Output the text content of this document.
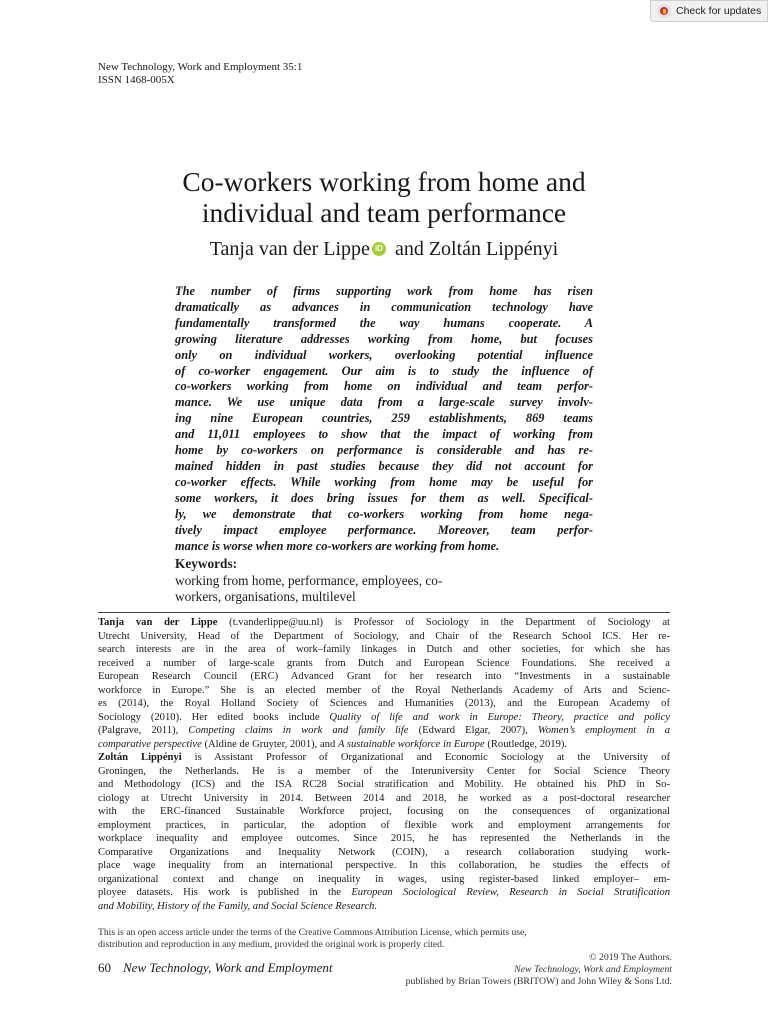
Check for updates
New Technology, Work and Employment 35:1
ISSN 1468-005X
Co-workers working from home and
individual and team performance
Tanja van der Lippe iD and Zoltán Lippényi

The number of firms supporting work from home has risen
dramatically as advances in communication technology have
fundamentally transformed the way humans cooperate. A
growing literature addresses working from home, but focuses
only on individual workers, overlooking potential influence
of co-worker engagement. Our aim is to study the influence of
co-workers working from home on individual and team perfor-
mance. We use unique data from a large-scale survey involv-
ing nine European countries, 259 establishments, 869 teams
and 11,011 employees to show that the impact of working from
home by co-workers on performance is considerable and has re-
mained hidden in past studies because they did not account for
co-worker effects. While working from home may be useful for
some workers, it does bring issues for them as well. Specifical-
ly, we demonstrate that co-workers working from home nega-
tively impact employee performance. Moreover, team perfor-
mance is worse when more co-workers are working from home.

Keywords:
working from home, performance, employees, co-
workers, organisations, multilevel

Tanja van der Lippe (t.vanderlippe@uu.nl) is Professor of Sociology in the Department of Sociology at
Utrecht University, Head of the Department of Sociology, and Chair of the Research School ICS. Her re-
search interests are in the area of work–family linkages in Dutch and other societies, for which she has
received a number of large-scale grants from Dutch and European Science Foundations. She received a
European Research Council (ERC) Advanced Grant for her research into “Investments in a sustainable
workforce in Europe.” She is an elected member of the Royal Netherlands Academy of Arts and Scienc-
es (2014), the Royal Holland Society of Sciences and Humanities (2013), and the European Academy of
Sociology (2010). Her edited books include Quality of life and work in Europe: Theory, practice and policy
(Palgrave, 2011), Competing claims in work and family life (Edward Elgar, 2007), Women’s employment in a
comparative perspective (Aldine de Gruyter, 2001), and A sustainable workforce in Europe (Routledge, 2019).
Zoltán Lippényi is Assistant Professor of Organizational and Economic Sociology at the University of
Groningen, the Netherlands. He is a member of the Interuniversity Center for Social Science Theory
and Methodology (ICS) and the ISA RC28 Social stratification and Mobility. He obtained his PhD in So-
ciology at Utrecht University in 2014. Between 2014 and 2018, he worked as a post-doctoral researcher
with the ERC-financed Sustainable Workforce project, focusing on the consequences of organizational
employment practices, in particular, the adoption of flexible work and employment arrangements for
workplace inequality and employee outcomes. Since 2015, he has represented the Netherlands in the
Comparative Organizations and Inequality Network (COIN), a research collaboration studying work-
place wage inequality from an international perspective. In this collaboration, he studies the effects of
organizational context and change on inequality in wages, using register-based linked employer– em-
ployee datasets. His work is published in the European Sociological Review, Research in Social Stratification
and Mobility, History of the Family, and Social Science Research.

This is an open access article under the terms of the Creative Commons Attribution License, which permits use,
distribution and reproduction in any medium, provided the original work is properly cited.
60 New Technology, Work and Employment
© 2019 The Authors.
New Technology, Work and Employment
published by Brian Towers (BRITOW) and John Wiley & Sons Ltd.
